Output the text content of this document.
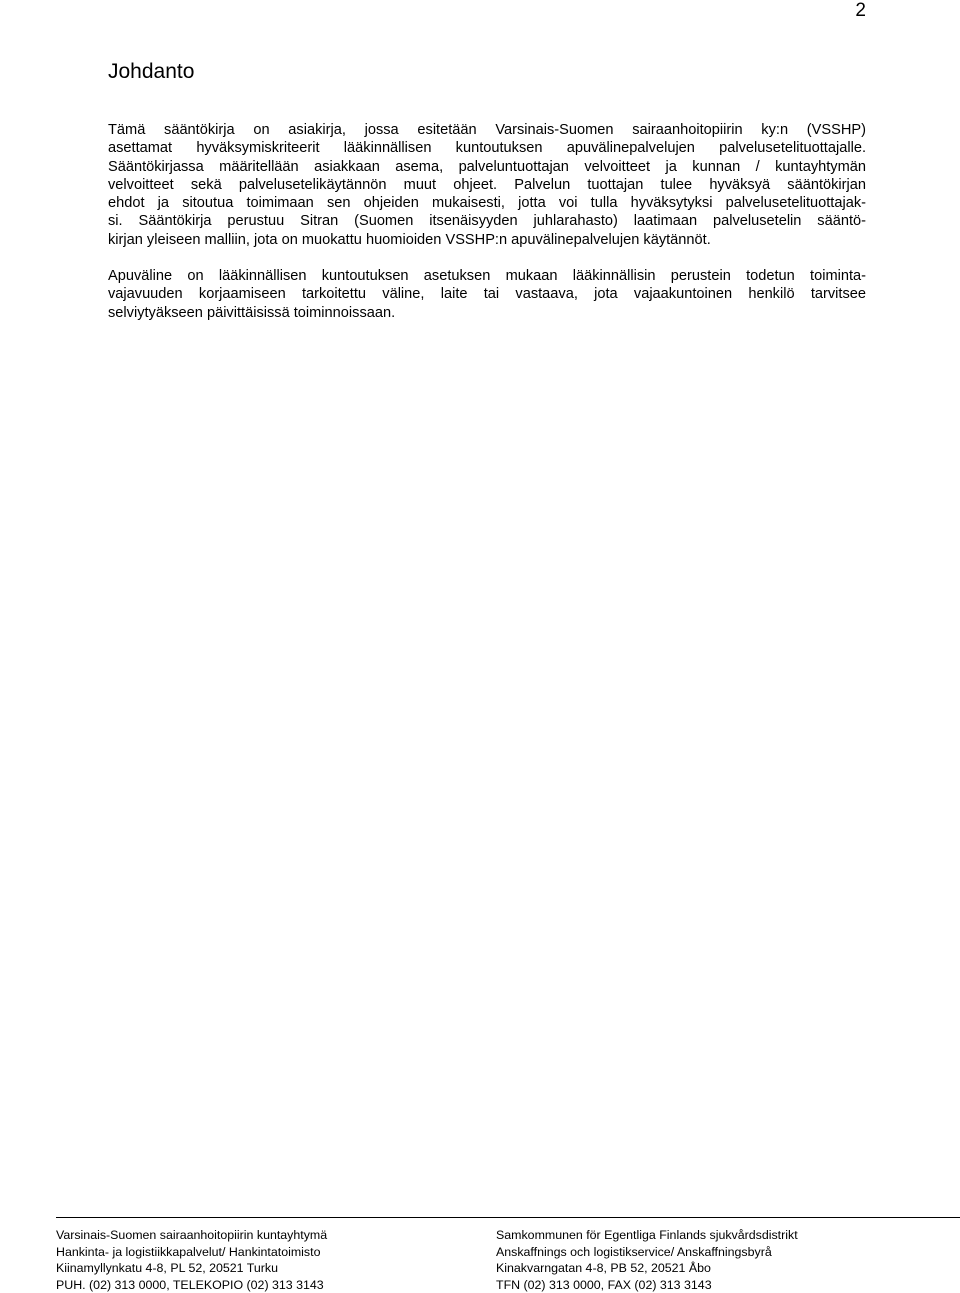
2
Johdanto

Tämä sääntökirja on asiakirja, jossa esitetään Varsinais-Suomen sairaanhoitopiirin ky:n (VSSHP)
asettamat hyväksymiskriteerit lääkinnällisen kuntoutuksen apuvälinepalvelujen palvelusetelituottajalle.
Sääntökirjassa määritellään asiakkaan asema, palveluntuottajan velvoitteet ja kunnan / kuntayhtymän
velvoitteet sekä palvelusetelikäytännön muut ohjeet. Palvelun tuottajan tulee hyväksyä sääntökirjan
ehdot ja sitoutua toimimaan sen ohjeiden mukaisesti, jotta voi tulla hyväksytyksi palvelusetelituottajak-
si. Sääntökirja perustuu Sitran (Suomen itsenäisyyden juhlarahasto) laatimaan palvelusetelin sääntö-
kirjan yleiseen malliin, jota on muokattu huomioiden VSSHP:n apuvälinepalvelujen käytännöt.

Apuväline on lääkinnällisen kuntoutuksen asetuksen mukaan lääkinnällisin perustein todetun toiminta-
vajavuuden korjaamiseen tarkoitettu väline, laite tai vastaava, jota vajaakuntoinen henkilö tarvitsee
selviytyäkseen päivittäisissä toiminnoissaan.

Varsinais-Suomen sairaanhoitopiirin kuntayhtymä
Hankinta- ja logistiikkapalvelut/ Hankintatoimisto
Kiinamyllynkatu 4-8, PL 52, 20521 Turku
PUH. (02) 313 0000, TELEKOPIO (02) 313 3143
Samkommunen för Egentliga Finlands sjukvårdsdistrikt
Anskaffnings och logistikservice/ Anskaffningsbyrå
Kinakvarngatan 4-8, PB 52, 20521 Åbo
TFN (02) 313 0000, FAX (02) 313 3143
